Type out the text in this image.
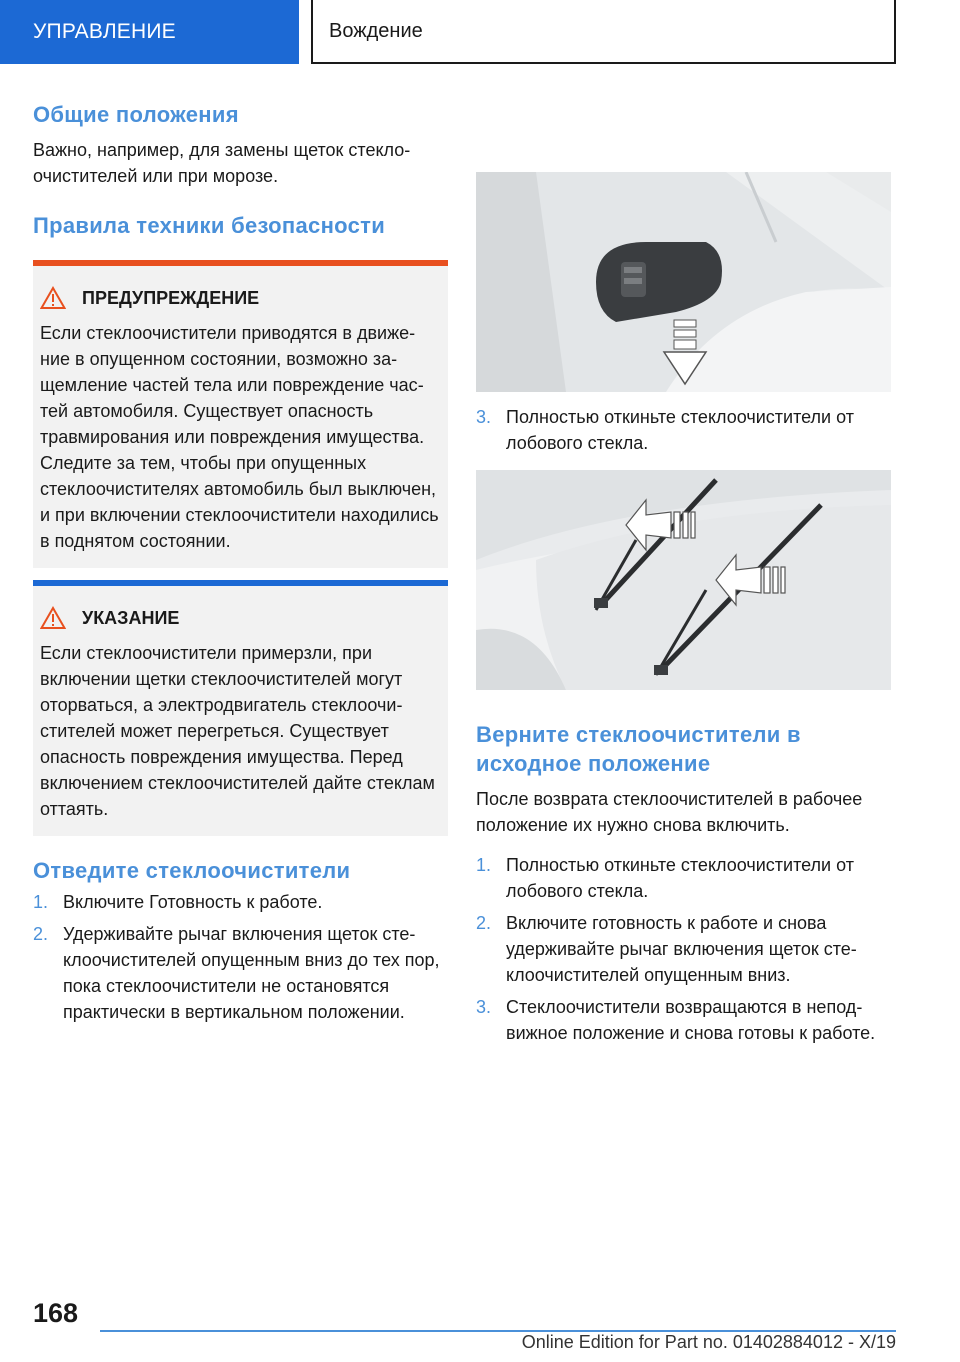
УПРАВЛЕНИЕ	Вождение
Общие положения

Важно, например, для замены щеток стеклоочистителей или при морозе.

Правила техники безопасности
ПРЕДУПРЕЖДЕНИЕ

Если стеклоочистители приводятся в движение в опущенном состоянии, возможно защемление частей тела или повреждение частей автомобиля. Существует опасность травмирования или повреждения имущества. Следите за тем, чтобы при опущенных стеклоочистителях автомобиль был выключен, и при включении стеклоочистители находились в поднятом состоянии.

УКАЗАНИЕ

Если стеклоочистители примерзли, при включении щетки стеклоочистителей могут оторваться, а электродвигатель стеклоочистителей может перегреться. Существует опасность повреждения имущества. Перед включением стеклоочистителей дайте стеклам оттаять.

Отведите стеклоочистители
1. Включите Готовность к работе.
2. Удерживайте рычаг включения щеток стеклоочистителей опущенным вниз до тех пор, пока стеклоочистители не остановятся практически в вертикальном положении.
3. Полностью откиньте стеклоочистители от лобового стекла.
Верните стеклоочистители в исходное положение

После возврата стеклоочистителей в рабочее положение их нужно снова включить.

1. Полностью откиньте стеклоочистители от лобового стекла.
2. Включите готовность к работе и снова удерживайте рычаг включения щеток стеклоочистителей опущенным вниз.
3. Стеклоочистители возвращаются в неподвижное положение и снова готовы к работе.
168
Online Edition for Part no. 01402884012 - X/19
